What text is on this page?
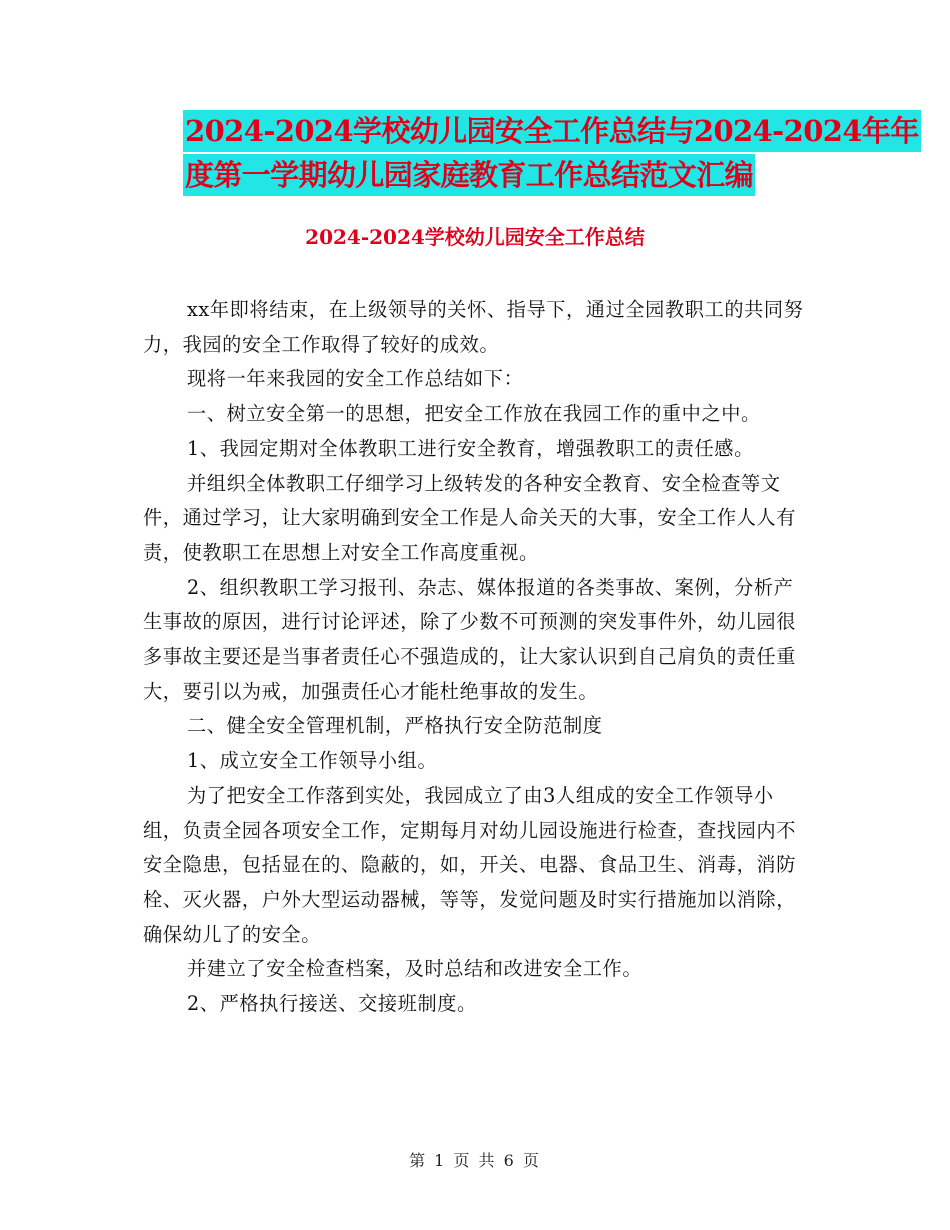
2024-2024学校幼儿园安全工作总结与2024-2024年年
度第一学期幼儿园家庭教育工作总结范文汇编
2024-2024学校幼儿园安全工作总结

xx年即将结束，在上级领导的关怀、指导下，通过全园教职工的共同努力，我园的安全工作取得了较好的成效。

现将一年来我园的安全工作总结如下：

一、树立安全第一的思想，把安全工作放在我园工作的重中之中。

1、我园定期对全体教职工进行安全教育，增强教职工的责任感。

并组织全体教职工仔细学习上级转发的各种安全教育、安全检查等文件，通过学习，让大家明确到安全工作是人命关天的大事，安全工作人人有责，使教职工在思想上对安全工作高度重视。

2、组织教职工学习报刊、杂志、媒体报道的各类事故、案例，分析产生事故的原因，进行讨论评述，除了少数不可预测的突发事件外，幼儿园很多事故主要还是当事者责任心不强造成的，让大家认识到自己肩负的责任重大，要引以为戒，加强责任心才能杜绝事故的发生。

二、健全安全管理机制，严格执行安全防范制度

1、成立安全工作领导小组。

为了把安全工作落到实处，我园成立了由3人组成的安全工作领导小组，负责全园各项安全工作，定期每月对幼儿园设施进行检查，查找园内不安全隐患，包括显在的、隐蔽的，如，开关、电器、食品卫生、消毒，消防栓、灭火器，户外大型运动器械，等等，发觉问题及时实行措施加以消除，确保幼儿了的安全。

并建立了安全检查档案，及时总结和改进安全工作。

2、严格执行接送、交接班制度。

第 1 页 共 6 页
